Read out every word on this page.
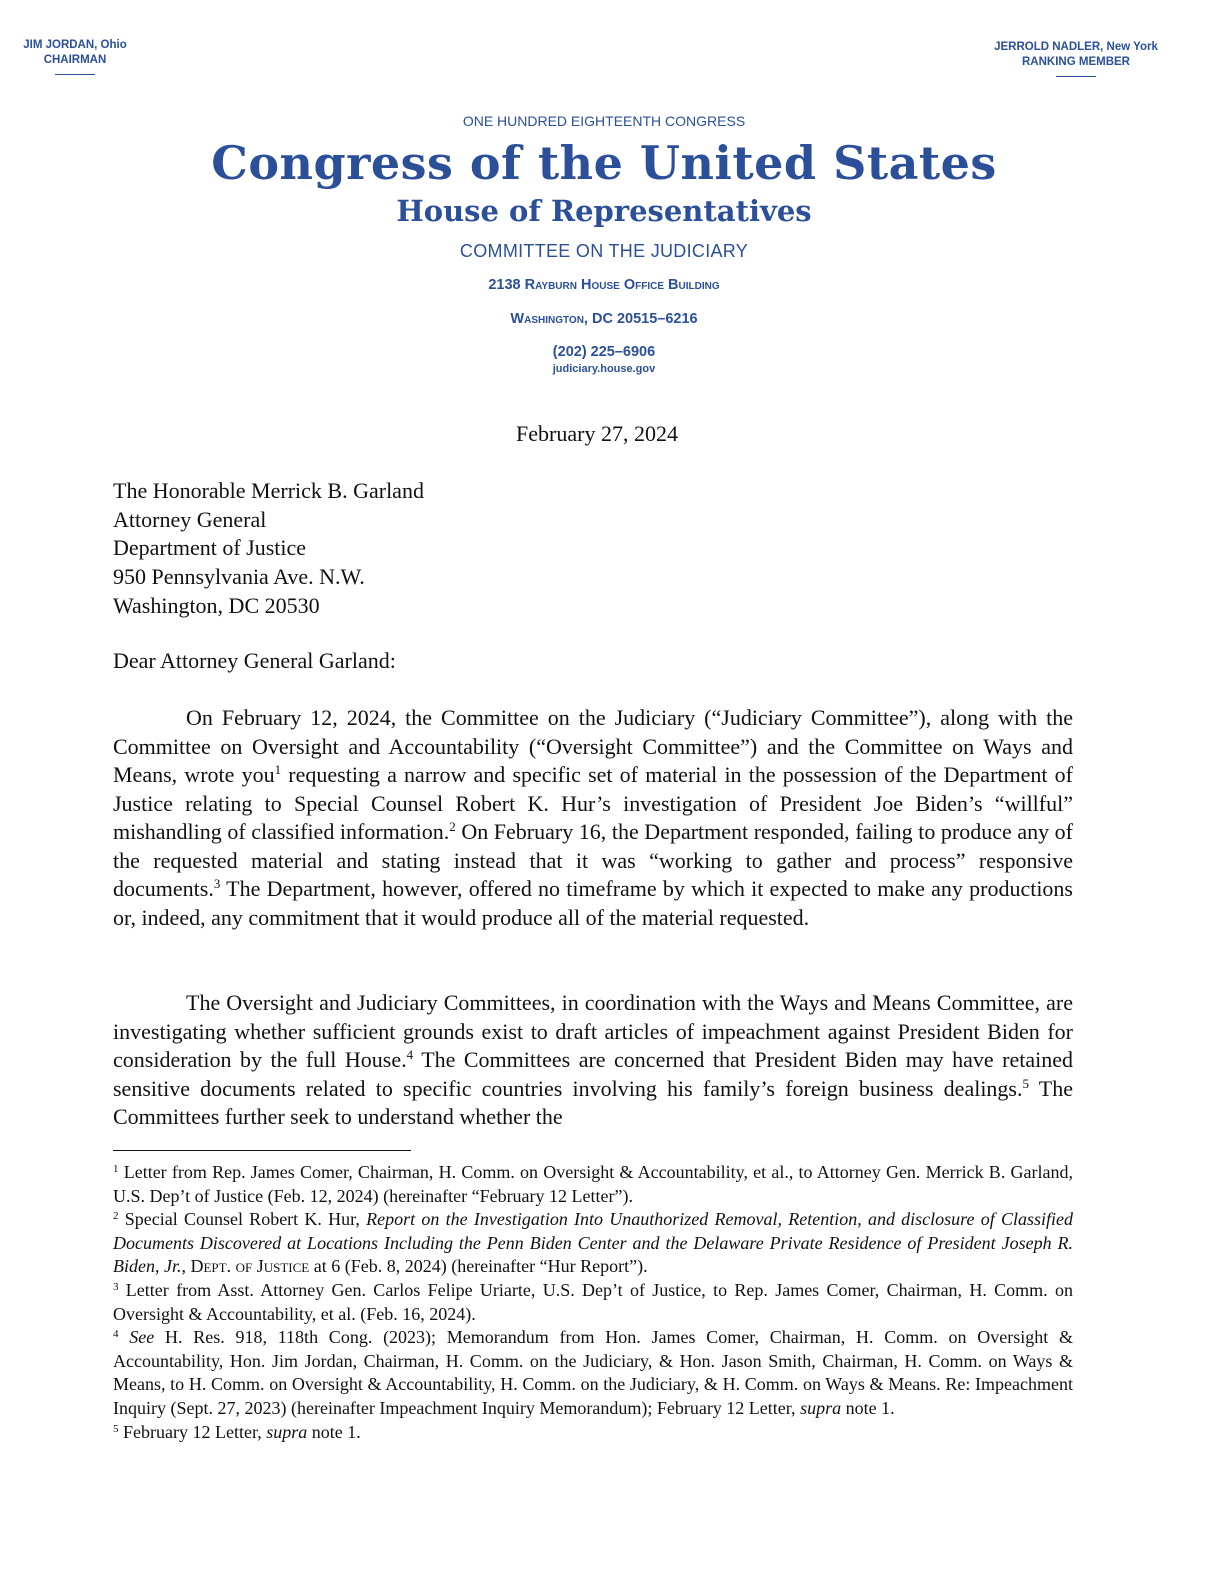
JIM JORDAN, Ohio
CHAIRMAN
JERROLD NADLER, New York
RANKING MEMBER
ONE HUNDRED EIGHTEENTH CONGRESS
Congress of the United States
House of Representatives
COMMITTEE ON THE JUDICIARY
2138 Rayburn House Office Building
Washington, DC 20515–6216
(202) 225–6906
judiciary.house.gov
February 27, 2024
The Honorable Merrick B. Garland
Attorney General
Department of Justice
950 Pennsylvania Ave. N.W.
Washington, DC 20530
Dear Attorney General Garland:

On February 12, 2024, the Committee on the Judiciary (“Judiciary Committee”), along with the Committee on Oversight and Accountability (“Oversight Committee”) and the Committee on Ways and Means, wrote you$^1$ requesting a narrow and specific set of material in the possession of the Department of Justice relating to Special Counsel Robert K. Hur’s investigation of President Joe Biden’s “willful” mishandling of classified information.$^2$ On February 16, the Department responded, failing to produce any of the requested material and stating instead that it was “working to gather and process” responsive documents.$^3$ The Department, however, offered no timeframe by which it expected to make any productions or, indeed, any commitment that it would produce all of the material requested.

The Oversight and Judiciary Committees, in coordination with the Ways and Means Committee, are investigating whether sufficient grounds exist to draft articles of impeachment against President Biden for consideration by the full House.$^4$ The Committees are concerned that President Biden may have retained sensitive documents related to specific countries involving his family’s foreign business dealings.$^5$ The Committees further seek to understand whether the

$^1$ Letter from Rep. James Comer, Chairman, H. Comm. on Oversight & Accountability, et al., to Attorney Gen. Merrick B. Garland, U.S. Dep’t of Justice (Feb. 12, 2024) (hereinafter “February 12 Letter”).

$^2$ Special Counsel Robert K. Hur, Report on the Investigation Into Unauthorized Removal, Retention, and disclosure of Classified Documents Discovered at Locations Including the Penn Biden Center and the Delaware Private Residence of President Joseph R. Biden, Jr., Dept. of Justice at 6 (Feb. 8, 2024) (hereinafter “Hur Report”).

$^3$ Letter from Asst. Attorney Gen. Carlos Felipe Uriarte, U.S. Dep’t of Justice, to Rep. James Comer, Chairman, H. Comm. on Oversight & Accountability, et al. (Feb. 16, 2024).

$^4$ See H. Res. 918, 118th Cong. (2023); Memorandum from Hon. James Comer, Chairman, H. Comm. on Oversight & Accountability, Hon. Jim Jordan, Chairman, H. Comm. on the Judiciary, & Hon. Jason Smith, Chairman, H. Comm. on Ways & Means, to H. Comm. on Oversight & Accountability, H. Comm. on the Judiciary, & H. Comm. on Ways & Means. Re: Impeachment Inquiry (Sept. 27, 2023) (hereinafter Impeachment Inquiry Memorandum); February 12 Letter, supra note 1.

$^5$ February 12 Letter, supra note 1.
